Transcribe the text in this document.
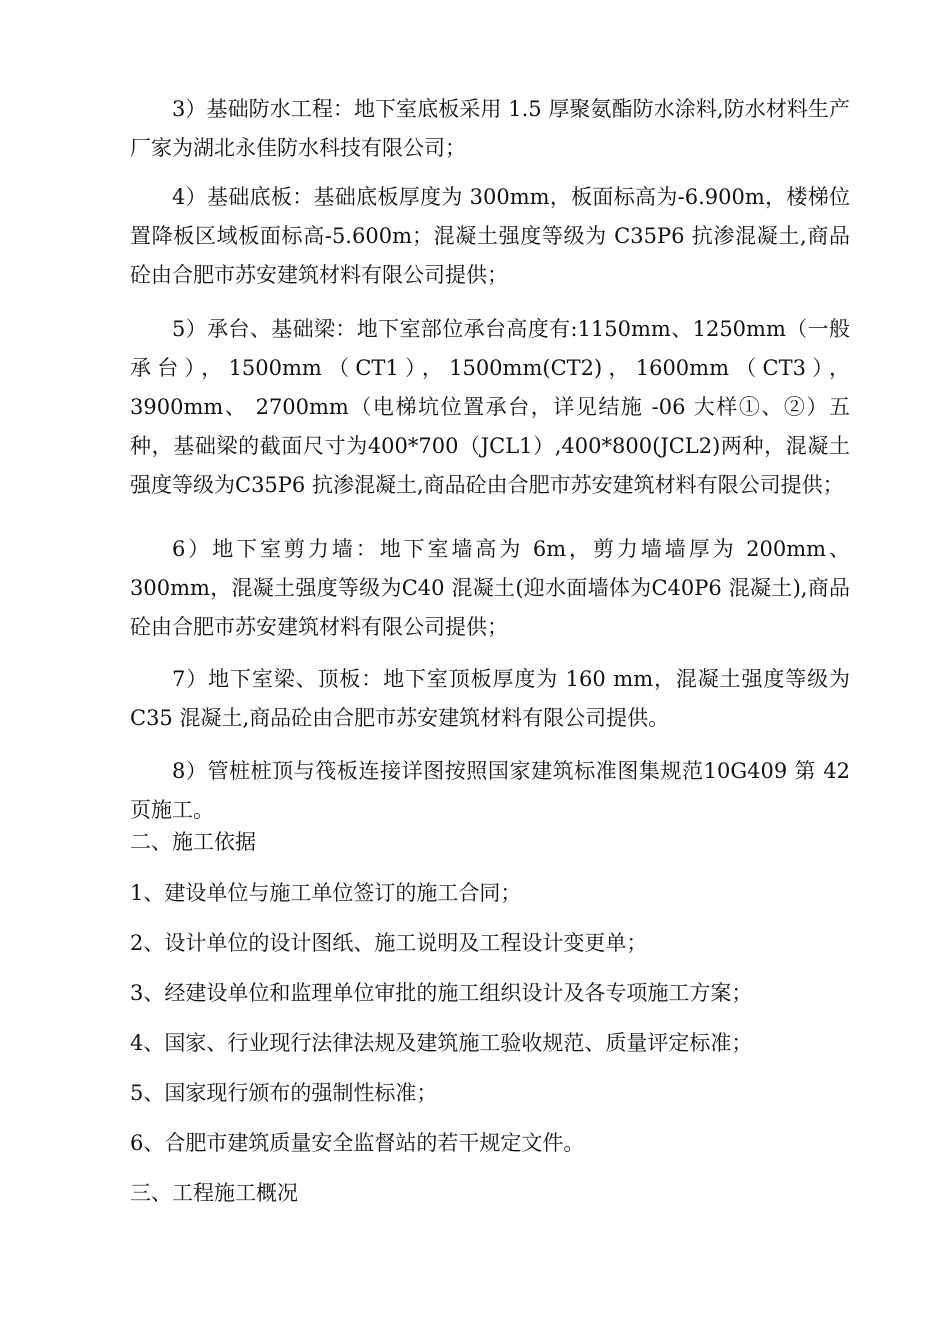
3）基础防水工程：地下室底板采用 1.5 厚聚氨酯防水涂料,防水材料生产厂家为湖北永佳防水科技有限公司；

4）基础底板：基础底板厚度为 300mm，板面标高为-6.900m，楼梯位置降板区域板面标高-5.600m；混凝土强度等级为 C35P6 抗渗混凝土,商品砼由合肥市苏安建筑材料有限公司提供；

5）承台、基础梁：地下室部位承台高度有:1150mm、1250mm（一般承台），1500mm（CT1），1500mm(CT2)，1600mm（CT3），3900mm、 2700mm（电梯坑位置承台，详见结施 -06 大样①、②）五种，基础梁的截面尺寸为400*700（JCL1）,400*800(JCL2)两种，混凝土强度等级为C35P6 抗渗混凝土,商品砼由合肥市苏安建筑材料有限公司提供；

6）地下室剪力墙：地下室墙高为 6m，剪力墙墙厚为 200mm、300mm，混凝土强度等级为C40 混凝土(迎水面墙体为C40P6 混凝土),商品砼由合肥市苏安建筑材料有限公司提供；

7）地下室梁、顶板：地下室顶板厚度为 160 mm，混凝土强度等级为C35 混凝土,商品砼由合肥市苏安建筑材料有限公司提供。

8）管桩桩顶与筏板连接详图按照国家建筑标准图集规范10G409 第 42 页施工。

二、施工依据

1、建设单位与施工单位签订的施工合同；

2、设计单位的设计图纸、施工说明及工程设计变更单；

3、经建设单位和监理单位审批的施工组织设计及各专项施工方案；

4、国家、行业现行法律法规及建筑施工验收规范、质量评定标准；

5、国家现行颁布的强制性标准；

6、合肥市建筑质量安全监督站的若干规定文件。

三、工程施工概况
